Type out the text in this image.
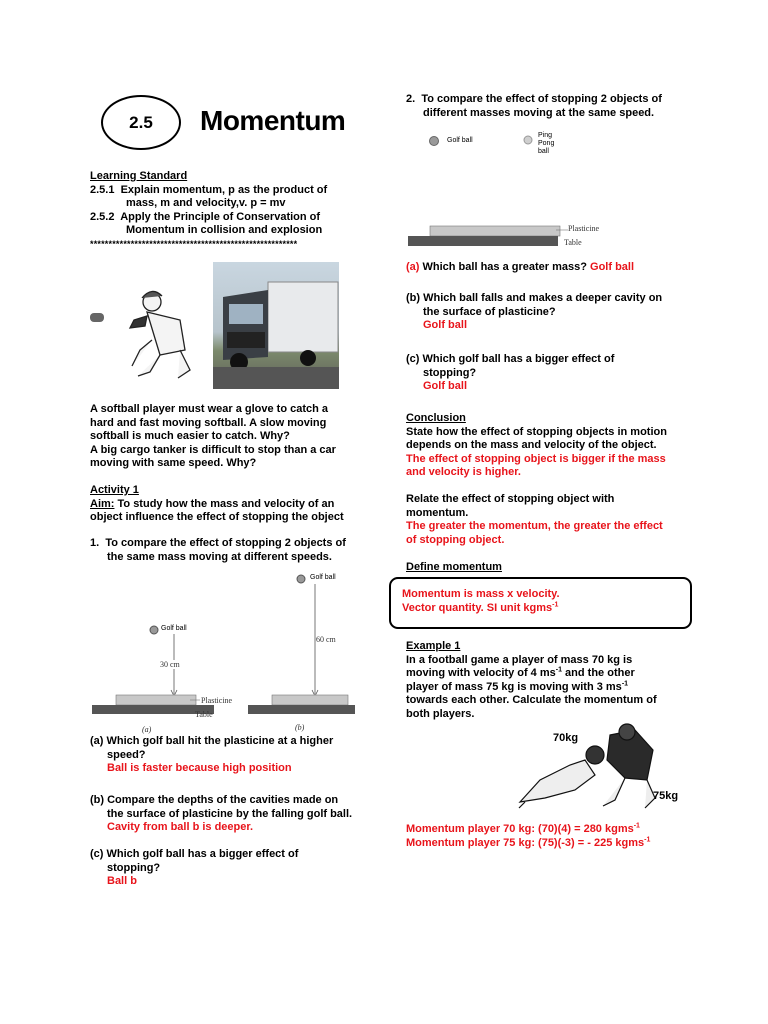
2.5 Momentum
Learning Standard
2.5.1 Explain momentum, p as the product of
mass, m and velocity,v. p = mv
2.5.2 Apply the Principle of Conservation of
Momentum in collision and explosion
********************************************************
A softball player must wear a glove to catch a
hard and fast moving softball. A slow moving
softball is much easier to catch. Why?
A big cargo tanker is difficult to stop than a car
moving with same speed. Why?
Activity 1
Aim: To study how the mass and velocity of an
object influence the effect of stopping the object
1. To compare the effect of stopping 2 objects of
the same mass moving at different speeds.
Golf ball
Golf ball
30 cm
60 cm
Plasticine
Table
(a)	(b)
(a) Which golf ball hit the plasticine at a higher
speed?
Ball is faster because high position
(b) Compare the depths of the cavities made on
the surface of plasticine by the falling golf ball.
Cavity from ball b is deeper.
(c) Which golf ball has a bigger effect of
stopping?
Ball b
2. To compare the effect of stopping 2 objects of
different masses moving at the same speed.
Golf ball
Ping Pong
ball
Plasticine
Table
(a) Which ball has a greater mass? Golf ball
(b) Which ball falls and makes a deeper cavity on
the surface of plasticine?
Golf ball
(c) Which golf ball has a bigger effect of
stopping?
Golf ball
Conclusion
State how the effect of stopping objects in motion
depends on the mass and velocity of the object.
The effect of stopping object is bigger if the mass
and velocity is higher.
Relate the effect of stopping object with
momentum.
The greater the momentum, the greater the effect
of stopping object.
Define momentum
Momentum is mass x velocity.
Vector quantity. SI unit kgms$^{-1}$
Example 1
In a football game a player of mass 70 kg is
moving with velocity of 4 $ms^{-1}$ and the other
player of mass 75 kg is moving with 3 $ms^{-1}$
towards each other. Calculate the momentum of
both players.
70kg
75kg
Momentum player 70 kg: (70)(4) = 280 kgms$^{-1}$
Momentum player 75 kg: (75)(-3) = - 225 kgms$^{-1}$
